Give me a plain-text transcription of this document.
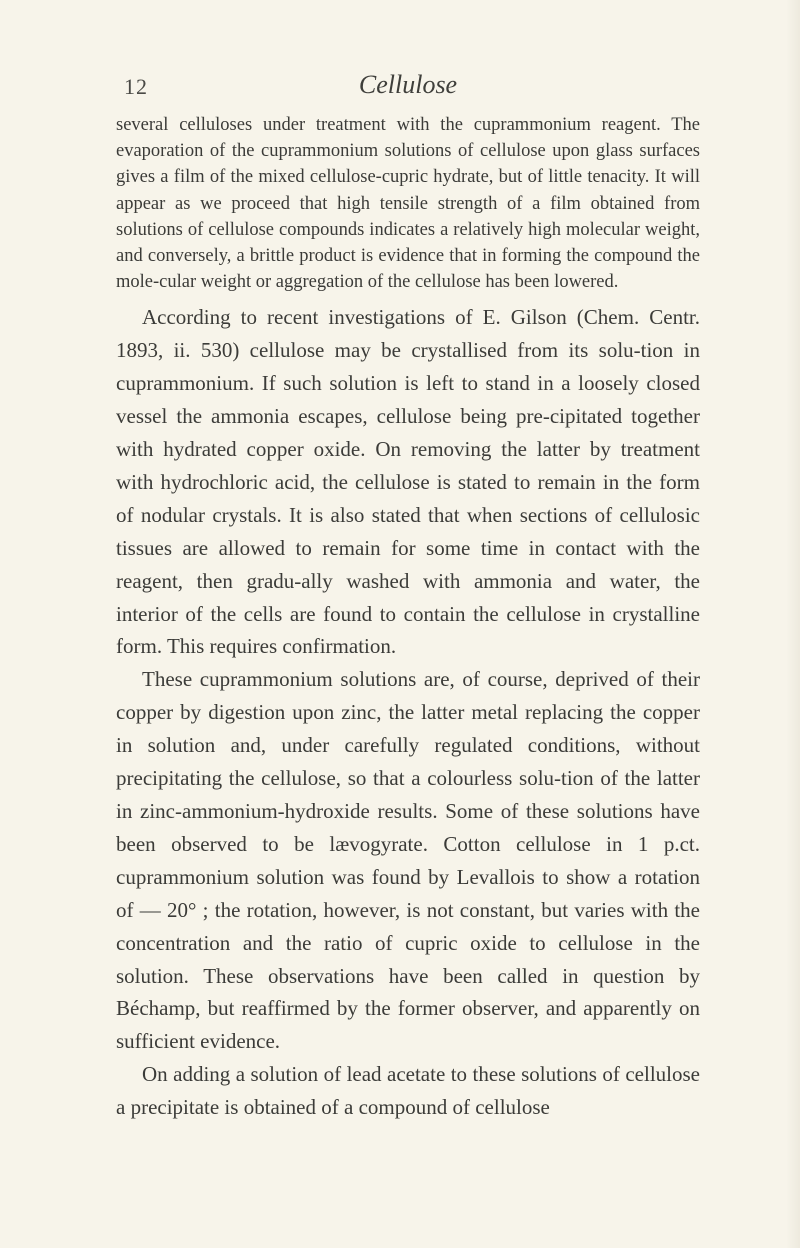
12	Cellulose

several celluloses under treatment with the cuprammonium reagent. The evaporation of the cuprammonium solutions of cellulose upon glass surfaces gives a film of the mixed cellulose-cupric hydrate, but of little tenacity. It will appear as we proceed that high tensile strength of a film obtained from solutions of cellulose compounds indicates a relatively high molecular weight, and conversely, a brittle product is evidence that in forming the compound the mole-cular weight or aggregation of the cellulose has been lowered.

According to recent investigations of E. Gilson (Chem. Centr. 1893, ii. 530) cellulose may be crystallised from its solu-tion in cuprammonium. If such solution is left to stand in a loosely closed vessel the ammonia escapes, cellulose being pre-cipitated together with hydrated copper oxide. On removing the latter by treatment with hydrochloric acid, the cellulose is stated to remain in the form of nodular crystals. It is also stated that when sections of cellulosic tissues are allowed to remain for some time in contact with the reagent, then gradu-ally washed with ammonia and water, the interior of the cells are found to contain the cellulose in crystalline form. This requires confirmation.

These cuprammonium solutions are, of course, deprived of their copper by digestion upon zinc, the latter metal replacing the copper in solution and, under carefully regulated conditions, without precipitating the cellulose, so that a colourless solu-tion of the latter in zinc-ammonium-hydroxide results. Some of these solutions have been observed to be lævogyrate. Cotton cellulose in 1 p.ct. cuprammonium solution was found by Levallois to show a rotation of — 20° ; the rotation, however, is not constant, but varies with the concentration and the ratio of cupric oxide to cellulose in the solution. These observations have been called in question by Béchamp, but reaffirmed by the former observer, and apparently on sufficient evidence.

On adding a solution of lead acetate to these solutions of cellulose a precipitate is obtained of a compound of cellulose
